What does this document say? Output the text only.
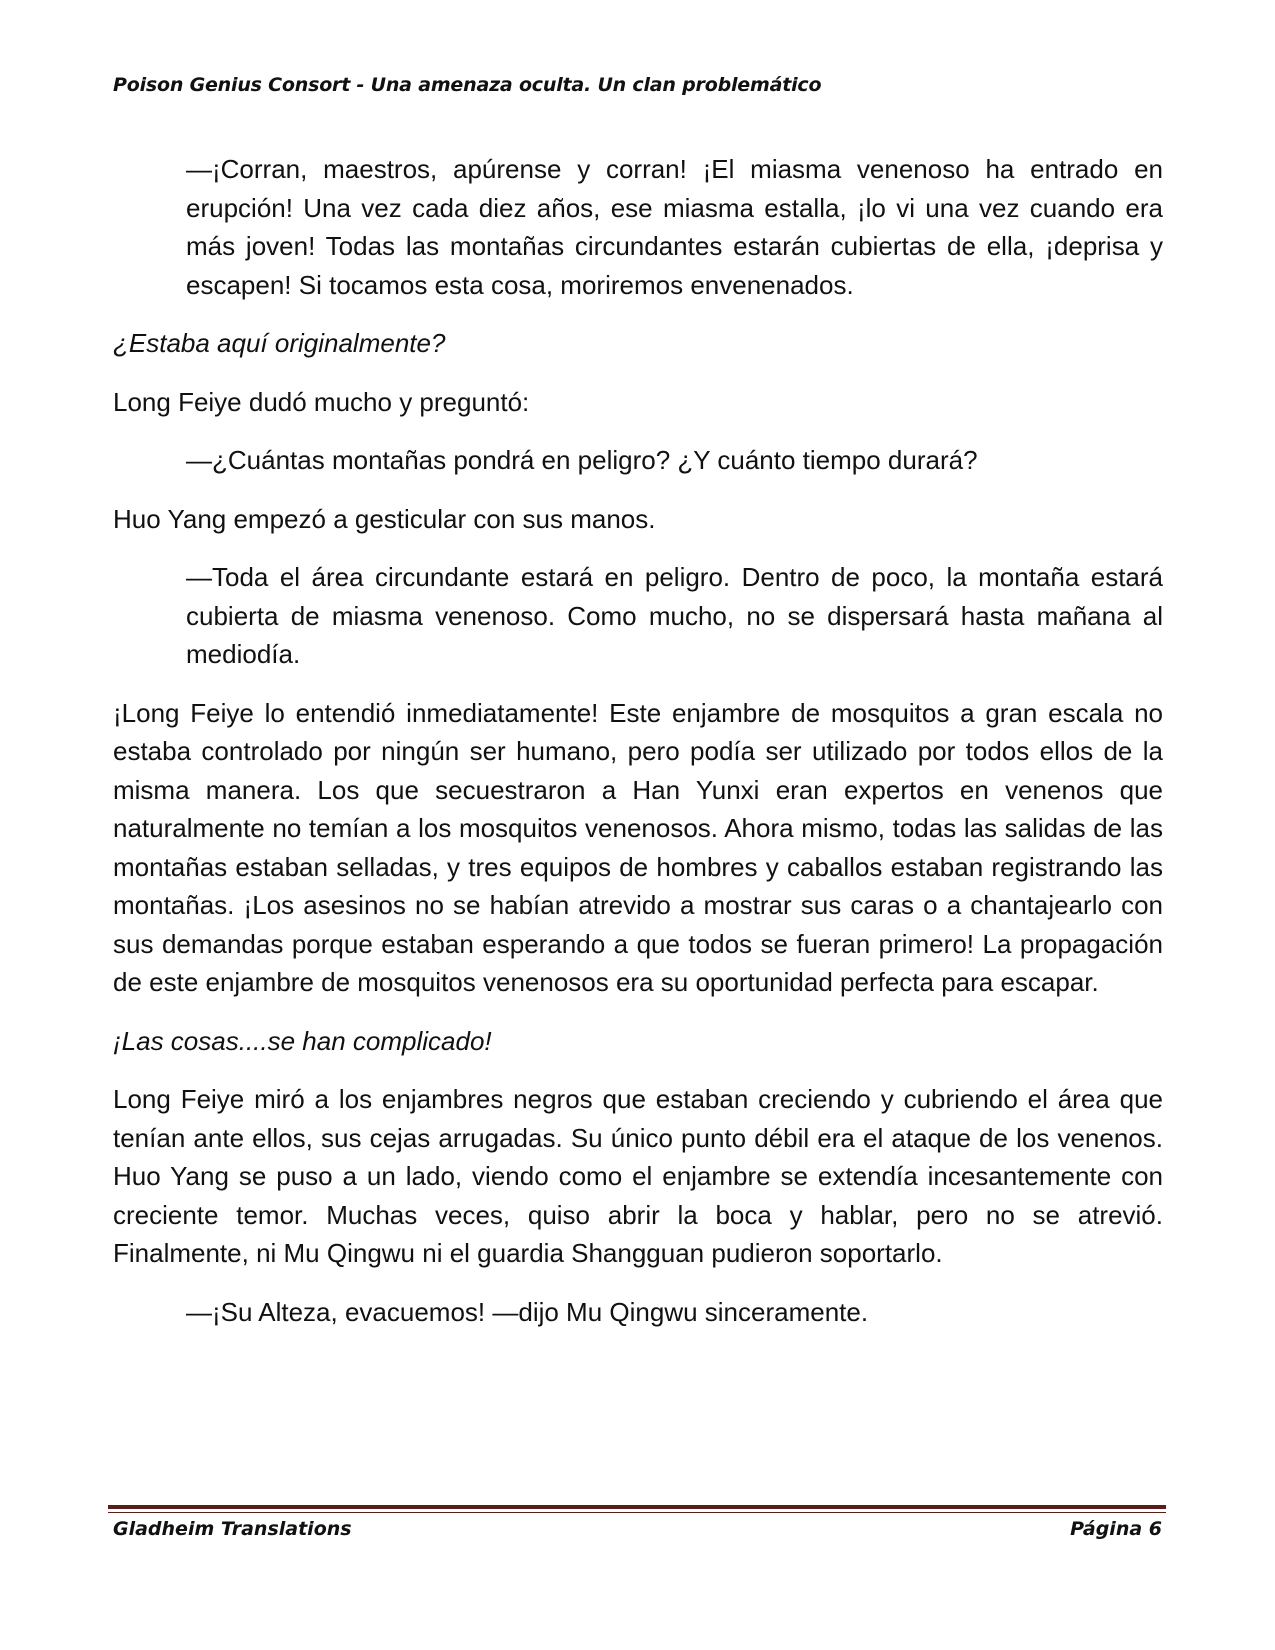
Poison Genius Consort - Una amenaza oculta. Un clan problemático

—¡Corran, maestros, apúrense y corran! ¡El miasma venenoso ha entrado en erupción! Una vez cada diez años, ese miasma estalla, ¡lo vi una vez cuando era más joven! Todas las montañas circundantes estarán cubiertas de ella, ¡deprisa y escapen! Si tocamos esta cosa, moriremos envenenados.

¿Estaba aquí originalmente?

Long Feiye dudó mucho y preguntó:

—¿Cuántas montañas pondrá en peligro? ¿Y cuánto tiempo durará?

Huo Yang empezó a gesticular con sus manos.

—Toda el área circundante estará en peligro. Dentro de poco, la montaña estará cubierta de miasma venenoso. Como mucho, no se dispersará hasta mañana al mediodía.

¡Long Feiye lo entendió inmediatamente! Este enjambre de mosquitos a gran escala no estaba controlado por ningún ser humano, pero podía ser utilizado por todos ellos de la misma manera. Los que secuestraron a Han Yunxi eran expertos en venenos que naturalmente no temían a los mosquitos venenosos. Ahora mismo, todas las salidas de las montañas estaban selladas, y tres equipos de hombres y caballos estaban registrando las montañas. ¡Los asesinos no se habían atrevido a mostrar sus caras o a chantajearlo con sus demandas porque estaban esperando a que todos se fueran primero! La propagación de este enjambre de mosquitos venenosos era su oportunidad perfecta para escapar.

¡Las cosas....se han complicado!

Long Feiye miró a los enjambres negros que estaban creciendo y cubriendo el área que tenían ante ellos, sus cejas arrugadas. Su único punto débil era el ataque de los venenos. Huo Yang se puso a un lado, viendo como el enjambre se extendía incesantemente con creciente temor. Muchas veces, quiso abrir la boca y hablar, pero no se atrevió. Finalmente, ni Mu Qingwu ni el guardia Shangguan pudieron soportarlo.

—¡Su Alteza, evacuemos! —dijo Mu Qingwu sinceramente.

Gladheim Translations	Página 6
